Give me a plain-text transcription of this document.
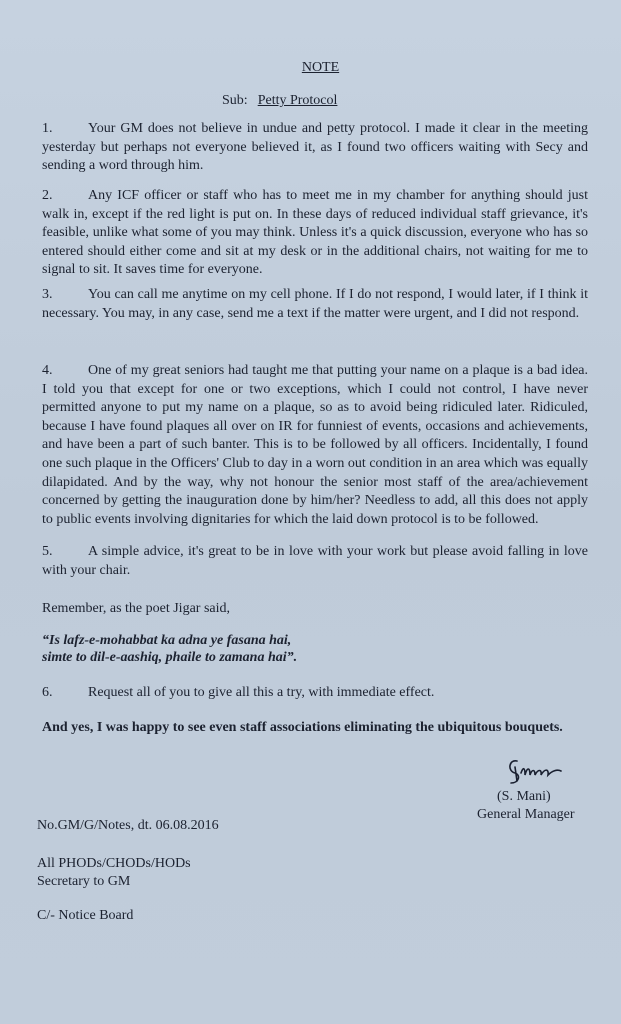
NOTE
Sub: Petty Protocol
1.	Your GM does not believe in undue and petty protocol. I made it clear in the meeting yesterday but perhaps not everyone believed it, as I found two officers waiting with Secy and sending a word through him.
2.	Any ICF officer or staff who has to meet me in my chamber for anything should just walk in, except if the red light is put on. In these days of reduced individual staff grievance, it's feasible, unlike what some of you may think. Unless it's a quick discussion, everyone who has so entered should either come and sit at my desk or in the additional chairs, not waiting for me to signal to sit. It saves time for everyone.
3.	You can call me anytime on my cell phone. If I do not respond, I would later, if I think it necessary. You may, in any case, send me a text if the matter were urgent, and I did not respond.
4.	One of my great seniors had taught me that putting your name on a plaque is a bad idea. I told you that except for one or two exceptions, which I could not control, I have never permitted anyone to put my name on a plaque, so as to avoid being ridiculed later. Ridiculed, because I have found plaques all over on IR for funniest of events, occasions and achievements, and have been a part of such banter. This is to be followed by all officers. Incidentally, I found one such plaque in the Officers' Club to day in a worn out condition in an area which was equally dilapidated. And by the way, why not honour the senior most staff of the area/achievement concerned by getting the inauguration done by him/her? Needless to add, all this does not apply to public events involving dignitaries for which the laid down protocol is to be followed.
5.	A simple advice, it's great to be in love with your work but please avoid falling in love with your chair.
Remember, as the poet Jigar said,
“Is lafz-e-mohabbat ka adna ye fasana hai,
simte to dil-e-aashiq, phaile to zamana hai”.
6.	Request all of you to give all this a try, with immediate effect.
And yes, I was happy to see even staff associations eliminating the ubiquitous bouquets.
(S. Mani)
General Manager
No.GM/G/Notes, dt. 06.08.2016
All PHODs/CHODs/HODs
Secretary to GM
C/- Notice Board
